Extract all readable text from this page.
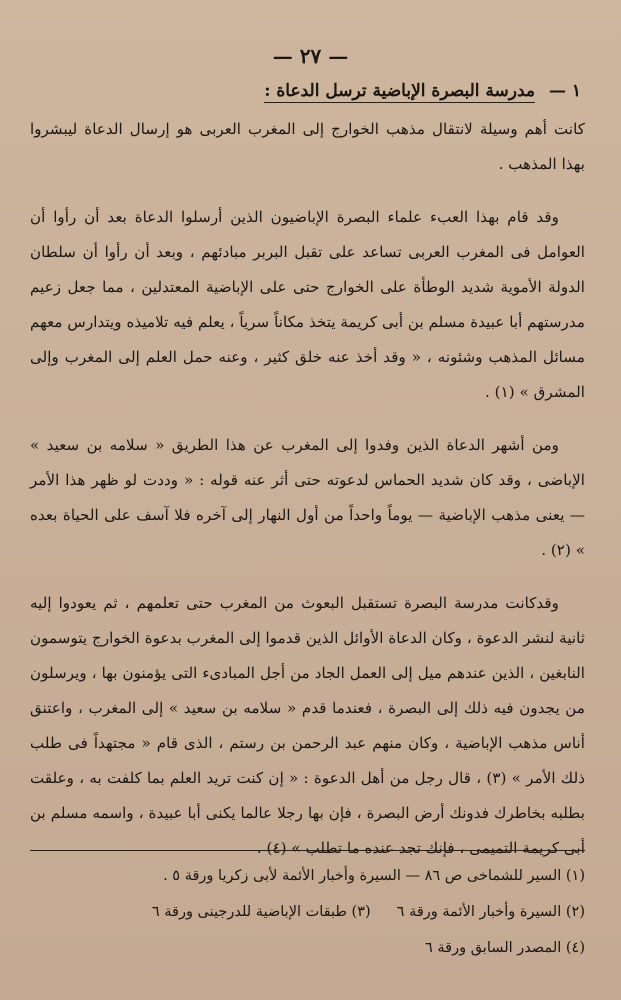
— ٢٧ —
١ — مدرسة البصرة الإباضية ترسل الدعاة :

كانت أهم وسيلة لانتقال مذهب الخوارج إلى المغرب العربى هو إرسال الدعاة ليبشروا بهذا المذهب .

وقد قام بهذا العبء علماء البصرة الإباضيون الذين أرسلوا الدعاة بعد أن رأوا أن العوامل فى المغرب العربى تساعد على تقبل البربر مبادئهم ، وبعد أن رأوا أن سلطان الدولة الأموية شديد الوطأة على الخوارج حتى على الإباضية المعتدلين ، مما جعل زعيم مدرستهم أبا عبيدة مسلم بن أبى كريمة يتخذ مكاناً سرياً ، يعلم فيه تلاميذه ويتدارس معهم مسائل المذهب وشئونه ، « وقد أخذ عنه خلق كثير ، وعنه حمل العلم إلى المغرب وإلى المشرق » (١) .

ومن أشهر الدعاة الذين وفدوا إلى المغرب عن هذا الطريق « سلامه بن سعيد » الإباضى ، وقد كان شديد الحماس لدعوته حتى أثر عنه قوله : « وددت لو ظهر هذا الأمر — يعنى مذهب الإباضية — يوماً واحداً من أول النهار إلى آخره فلا آسف على الحياة بعده » (٢) .

وقدكانت مدرسة البصرة تستقبل البعوث من المغرب حتى تعلمهم ، ثم يعودوا إليه ثانية لنشر الدعوة ، وكان الدعاة الأوائل الذين قدموا إلى المغرب بدعوة الخوارج يتوسمون النابغين ، الذين عندهم ميل إلى العمل الجاد من أجل المبادىء التى يؤمنون بها ، ويرسلون من يجدون فيه ذلك إلى البصرة ، فعندما قدم « سلامه بن سعيد » إلى المغرب ، واعتنق أناس مذهب الإباضية ، وكان منهم عبد الرحمن بن رستم ، الذى قام « مجتهداً فى طلب ذلك الأمر » (٣) ، قال رجل من أهل الدعوة : « إن كنت تريد العلم بما كلفت به ، وعلقت بطلبه بخاطرك فدونك أرض البصرة ، فإن بها رجلا عالما يكنى أبا عبيدة ، واسمه مسلم بن أبى كريمة التميمى ، فإنك تجد عنده ما تطلب » (٤) .

(١) السير للشماخى ص ٨٦ — السيرة وأخبار الأئمة لأبى زكريا ورقة ٥ .
(٢) السيرة وأخبار الأئمة ورقة ٦
(٣) طبقات الإباضية للدرجينى ورقة ٦
(٤) المصدر السابق ورقة ٦
